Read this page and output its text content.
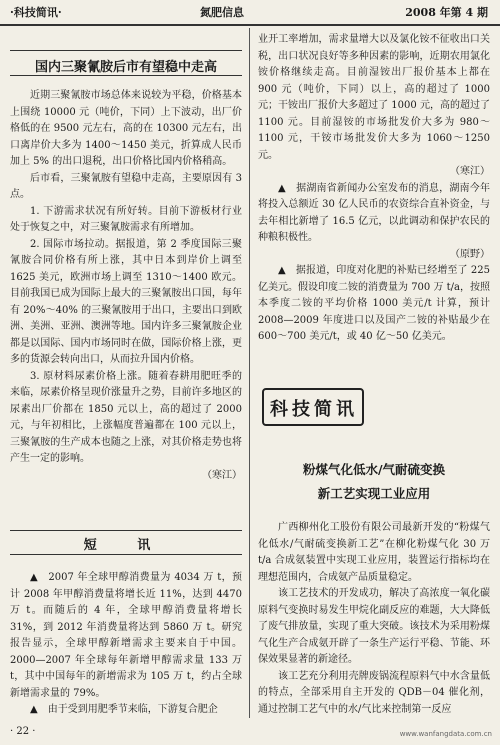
·科技简讯·	氮肥信息	2008 年第 4 期
国内三聚氰胺后市有望稳中走高

近期三聚氰胺市场总体来说较为平稳，价格基本上围绕 10000 元（吨价，下同）上下波动，出厂价格低的在 9500 元左右，高的在 10300 元左右，出口离岸价大多为 1400～1450 美元，折算成人民币加上 5% 的出口退税，出口价格比国内价格稍高。

后市看，三聚氰胺有望稳中走高，主要原因有 3 点。

1. 下游需求状况有所好转。目前下游板材行业处于恢复之中，对三聚氰胺需求有所增加。

2. 国际市场拉动。据报道，第 2 季度国际三聚氰胺合同价格有所上涨，其中日本到岸价上调至 1625 美元，欧洲市场上调至 1310～1400 欧元。目前我国已成为国际上最大的三聚氰胺出口国，每年有 20%～40% 的三聚氰胺用于出口，主要出口到欧洲、美洲、亚洲、澳洲等地。国内许多三聚氰胺企业都是以国际、国内市场同时在做，国际价格上涨，更多的货源会转向出口，从而拉升国内价格。

3. 原材料尿素价格上涨。随着春耕用肥旺季的来临，尿素价格呈现价涨量升之势，目前许多地区的尿素出厂价都在 1850 元以上，高的超过了 2000 元，与年初相比，上涨幅度普遍都在 100 元以上，三聚氰胺的生产成本也随之上涨，对其价格走势也将产生一定的影响。

（寒江）

短 讯

▲　2007 年全球甲醇消费量为 4034 万 t，预计 2008 年甲醇消费量将增长近 11%，达到 4470 万 t。而随后的 4 年，全球甲醇消费量将增长 31%，到 2012 年消费量将达到 5860 万 t。研究报告显示，全球甲醇新增需求主要来自于中国。2000—2007 年全球每年新增甲醇需求量 133 万 t，其中中国每年的新增需求为 105 万 t，约占全球新增需求量的 79%。

▲　由于受到用肥季节来临，下游复合肥企

业开工率增加，需求量增大以及氯化铵不征收出口关税，出口状况良好等多种因素的影响，近期农用氯化铵价格继续走高。目前湿铵出厂报价基本上都在 900 元（吨价，下同）以上，高的超过了 1000 元；干铵出厂报价大多超过了 1000 元，高的超过了 1100 元。目前湿铵的市场批发价大多为 980～1100 元，干铵市场批发价大多为 1060～1250 元。

（寒江）

▲　据湖南省新闻办公室发布的消息，湖南今年将投入总额近 30 亿人民币的农资综合直补资金，与去年相比新增了 16.5 亿元，以此调动和保护农民的种粮积极性。

（原野）

▲　据报道，印度对化肥的补贴已经增至了 225 亿美元。假设印度二铵的消费量为 700 万 t/a，按照本季度二铵的平均价格 1000 美元/t 计算，预计 2008—2009 年度进口以及国产二铵的补贴最少在 600～700 美元/t，或 40 亿～50 亿美元。

科技简讯
粉煤气化低水/气耐硫变换
新工艺实现工业应用

广西柳州化工股份有限公司最新开发的“粉煤气化低水/气耐硫变换新工艺”在柳化粉煤气化 30 万 t/a 合成氨装置中实现工业应用，装置运行指标均在理想范围内，合成氨产品质量稳定。

该工艺技术的开发成功，解决了高浓度一氧化碳原料气变换时易发生甲烷化副反应的难题，大大降低了废气排放量，实现了重大突破。该技术为采用粉煤气化生产合成氨开辟了一条生产运行平稳、节能、环保效果显著的新途径。

该工艺充分利用壳牌废锅流程原料气中水含量低的特点，全部采用自主开发的 QDB－04 催化剂，通过控制工艺气中的水/气比来控制第一反应

· 22 ·	www.wanfangdata.com.cn
